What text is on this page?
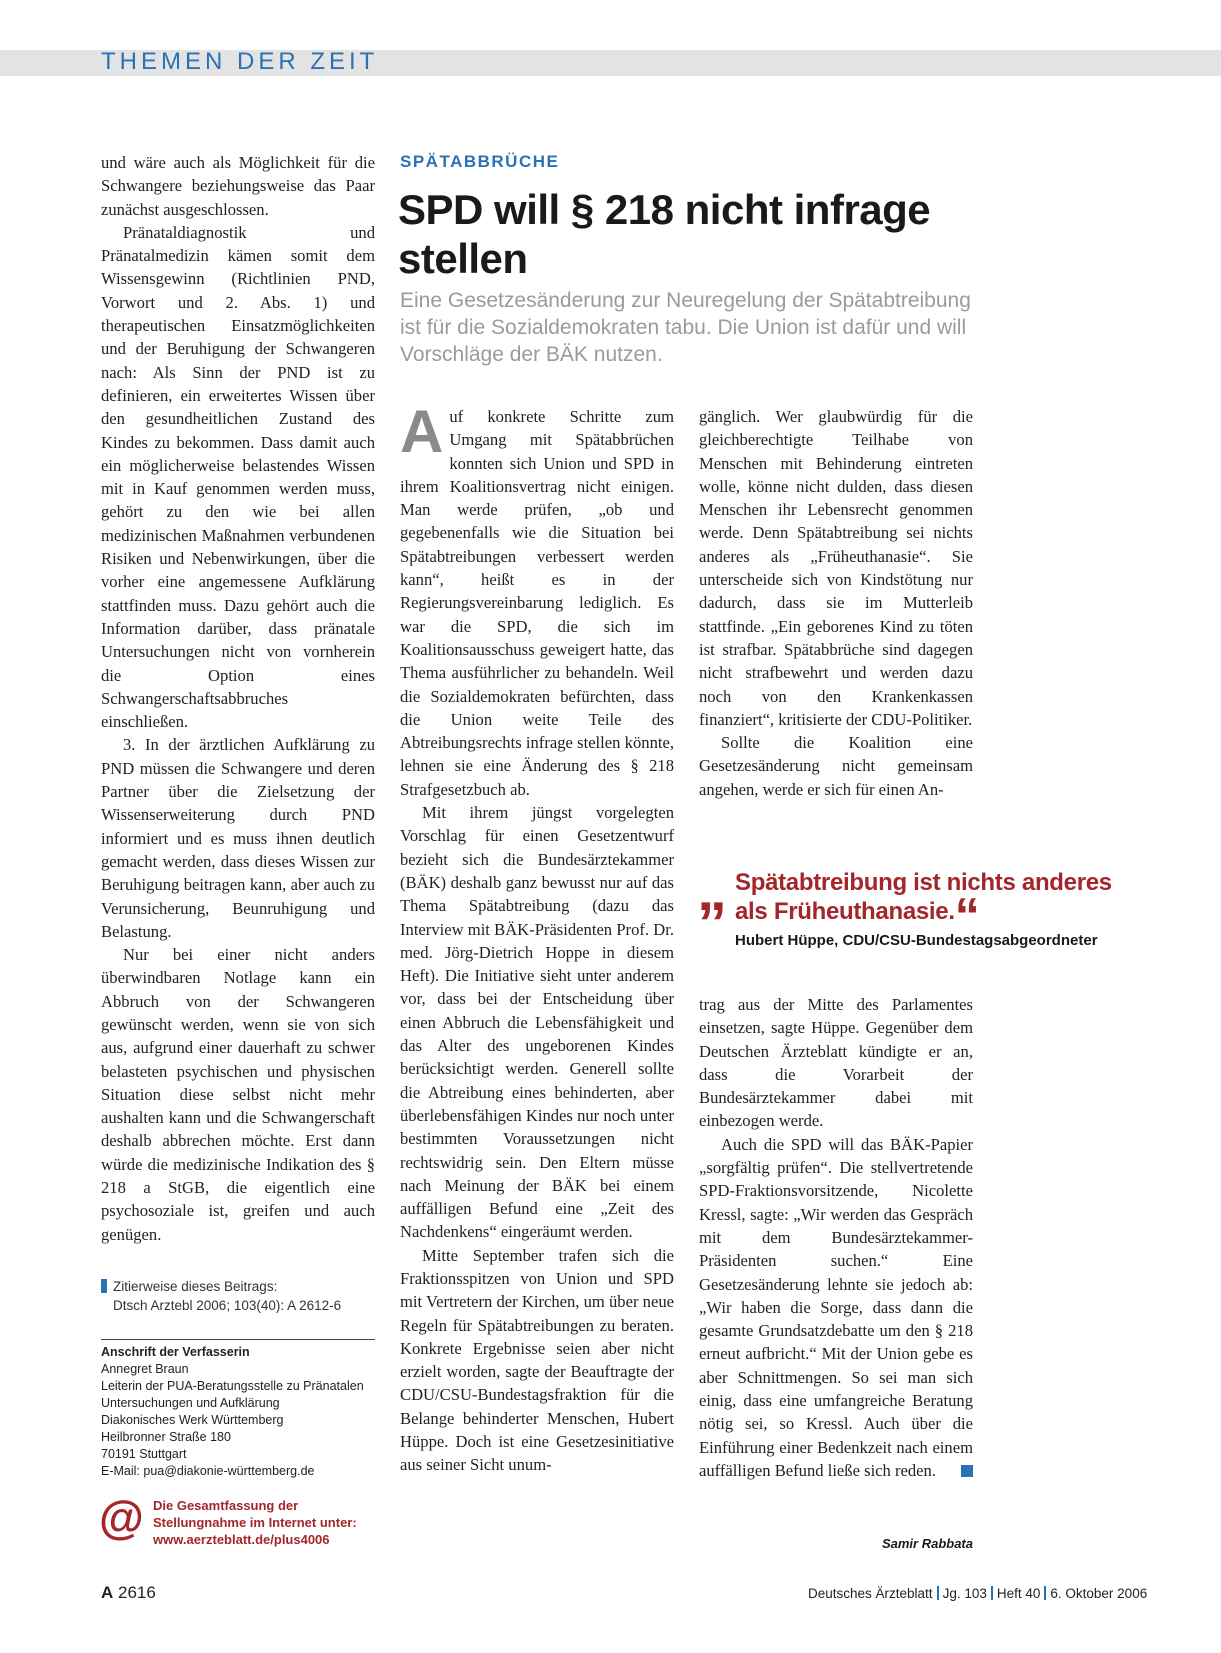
THEMEN DER ZEIT

und wäre auch als Möglichkeit für die Schwangere beziehungsweise das Paar zunächst ausgeschlossen.

Pränataldiagnostik und Pränatalmedizin kämen somit dem Wissensgewinn (Richtlinien PND, Vorwort und 2. Abs. 1) und therapeutischen Einsatzmöglichkeiten und der Beruhigung der Schwangeren nach: Als Sinn der PND ist zu definieren, ein erweitertes Wissen über den gesundheitlichen Zustand des Kindes zu bekommen. Dass damit auch ein möglicherweise belastendes Wissen mit in Kauf genommen werden muss, gehört zu den wie bei allen medizinischen Maßnahmen verbundenen Risiken und Nebenwirkungen, über die vorher eine angemessene Aufklärung stattfinden muss. Dazu gehört auch die Information darüber, dass pränatale Untersuchungen nicht von vornherein die Option eines Schwangerschaftsabbruches einschließen.

3. In der ärztlichen Aufklärung zu PND müssen die Schwangere und deren Partner über die Zielsetzung der Wissenserweiterung durch PND informiert und es muss ihnen deutlich gemacht werden, dass dieses Wissen zur Beruhigung beitragen kann, aber auch zu Verunsicherung, Beunruhigung und Belastung.

Nur bei einer nicht anders überwindbaren Notlage kann ein Abbruch von der Schwangeren gewünscht werden, wenn sie von sich aus, aufgrund einer dauerhaft zu schwer belasteten psychischen und physischen Situation diese selbst nicht mehr aushalten kann und die Schwangerschaft deshalb abbrechen möchte. Erst dann würde die medizinische Indikation des § 218 a StGB, die eigentlich eine psychosoziale ist, greifen und auch genügen.

Zitierweise dieses Beitrags:
Dtsch Arztebl 2006; 103(40): A 2612-6
Anschrift der Verfasserin
Annegret Braun
Leiterin der PUA-Beratungsstelle zu Pränatalen
Untersuchungen und Aufklärung
Diakonisches Werk Württemberg
Heilbronner Straße 180
70191 Stuttgart
E-Mail: pua@diakonie-württemberg.de
@ Die Gesamtfassung der Stellungnahme im Internet unter: www.aerzteblatt.de/plus4006
SPÄTABBRÜCHE
SPD will § 218 nicht infrage stellen
Eine Gesetzesänderung zur Neuregelung der Spätabtreibung ist für die Sozialdemokraten tabu. Die Union ist dafür und will Vorschläge der BÄK nutzen.

Auf konkrete Schritte zum Umgang mit Spätabbrüchen konnten sich Union und SPD in ihrem Koalitionsvertrag nicht einigen. Man werde prüfen, „ob und gegebenenfalls wie die Situation bei Spätabtreibungen verbessert werden kann“, heißt es in der Regierungsvereinbarung lediglich. Es war die SPD, die sich im Koalitionsausschuss geweigert hatte, das Thema ausführlicher zu behandeln. Weil die Sozialdemokraten befürchten, dass die Union weite Teile des Abtreibungsrechts infrage stellen könnte, lehnen sie eine Änderung des § 218 Strafgesetzbuch ab.

Mit ihrem jüngst vorgelegten Vorschlag für einen Gesetzentwurf bezieht sich die Bundesärztekammer (BÄK) deshalb ganz bewusst nur auf das Thema Spätabtreibung (dazu das Interview mit BÄK-Präsidenten Prof. Dr. med. Jörg-Dietrich Hoppe in diesem Heft). Die Initiative sieht unter anderem vor, dass bei der Entscheidung über einen Abbruch die Lebensfähigkeit und das Alter des ungeborenen Kindes berücksichtigt werden. Generell sollte die Abtreibung eines behinderten, aber überlebensfähigen Kindes nur noch unter bestimmten Voraussetzungen nicht rechtswidrig sein. Den Eltern müsse nach Meinung der BÄK bei einem auffälligen Befund eine „Zeit des Nachdenkens“ eingeräumt werden.

Mitte September trafen sich die Fraktionsspitzen von Union und SPD mit Vertretern der Kirchen, um über neue Regeln für Spätabtreibungen zu beraten. Konkrete Ergebnisse seien aber nicht erzielt worden, sagte der Beauftragte der CDU/CSU-Bundestagsfraktion für die Belange behinderter Menschen, Hubert Hüppe. Doch ist eine Gesetzesinitiative aus seiner Sicht unum-

gänglich. Wer glaubwürdig für die gleichberechtigte Teilhabe von Menschen mit Behinderung eintreten wolle, könne nicht dulden, dass diesen Menschen ihr Lebensrecht genommen werde. Denn Spätabtreibung sei nichts anderes als „Früheuthanasie“. Sie unterscheide sich von Kindstötung nur dadurch, dass sie im Mutterleib stattfinde. „Ein geborenes Kind zu töten ist strafbar. Spätabbrüche sind dagegen nicht strafbewehrt und werden dazu noch von den Krankenkassen finanziert“, kritisierte der CDU-Politiker.

Sollte die Koalition eine Gesetzesänderung nicht gemeinsam angehen, werde er sich für einen An-

„ Spätabtreibung ist nichts anderes als Früheuthanasie.“
Hubert Hüppe, CDU/CSU-Bundestagsabgeordneter

trag aus der Mitte des Parlamentes einsetzen, sagte Hüppe. Gegenüber dem Deutschen Ärzteblatt kündigte er an, dass die Vorarbeit der Bundesärztekammer dabei mit einbezogen werde.

Auch die SPD will das BÄK-Papier „sorgfältig prüfen“. Die stellvertretende SPD-Fraktionsvorsitzende, Nicolette Kressl, sagte: „Wir werden das Gespräch mit dem Bundesärztekammer-Präsidenten suchen.“ Eine Gesetzesänderung lehnte sie jedoch ab: „Wir haben die Sorge, dass dann die gesamte Grundsatzdebatte um den § 218 erneut aufbricht.“ Mit der Union gebe es aber Schnittmengen. So sei man sich einig, dass eine umfangreiche Beratung nötig sei, so Kressl. Auch über die Einführung einer Bedenkzeit nach einem auffälligen Befund ließe sich reden.

Samir Rabbata
A 2616	Deutsches Ärzteblatt Jg. 103 Heft 40 6. Oktober 2006
